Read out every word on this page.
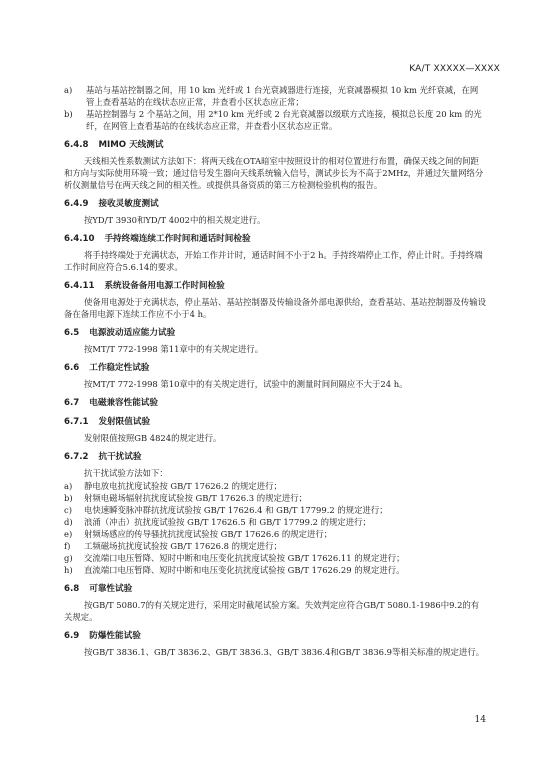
KA/T XXXXX—XXXX
a)	基站与基站控制器之间，用 10 km 光纤或 1 台光衰减器进行连接，光衰减器模拟 10 km 光纤衰减，在网管上查看基站的在线状态应正常，并查看小区状态应正常；
b)	基站控制器与 2 个基站之间，用 2*10 km 光纤或 2 台光衰减器以级联方式连接，模拟总长度 20 km 的光纤，在网管上查看基站的在线状态应正常，并查看小区状态应正常。
6.4.8 MIMO 天线测试

天线相关性系数测试方法如下：将两天线在OTA暗室中按照设计的相对位置进行布置，确保天线之间的间距和方向与实际使用环境一致；通过信号发生器向天线系统输入信号，测试步长为不高于2MHz，并通过矢量网络分析仪测量信号在两天线之间的相关性。或提供具备资质的第三方检测检验机构的报告。

6.4.9 接收灵敏度测试

按YD/T 3930和YD/T 4002中的相关规定进行。

6.4.10 手持终端连续工作时间和通话时间检验

将手持终端处于充满状态，开始工作并计时，通话时间不小于2 h。手持终端停止工作，停止计时。手持终端工作时间应符合5.6.14的要求。

6.4.11 系统设备备用电源工作时间检验

使备用电源处于充满状态，停止基站、基站控制器及传输设备外部电源供给，查看基站、基站控制器及传输设备在备用电源下连续工作应不小于4 h。

6.5 电源波动适应能力试验

按MT/T 772-1998 第11章中的有关规定进行。

6.6 工作稳定性试验

按MT/T 772-1998 第10章中的有关规定进行，试验中的测量时间间隔应不大于24 h。

6.7 电磁兼容性能试验
6.7.1 发射限值试验

发射限值按照GB 4824的规定进行。

6.7.2 抗干扰试验

抗干扰试验方法如下：

a)	静电放电抗扰度试验按 GB/T 17626.2 的规定进行；
b)	射频电磁场辐射抗扰度试验按 GB/T 17626.3 的规定进行；
c)	电快速瞬变脉冲群抗扰度试验按 GB/T 17626.4 和 GB/T 17799.2 的规定进行；
d)	浪涌（冲击）抗扰度试验按 GB/T 17626.5 和 GB/T 17799.2 的规定进行；
e)	射频场感应的传导骚扰抗扰度试验按 GB/T 17626.6 的规定进行；
f)	工频磁场抗扰度试验按 GB/T 17626.8 的规定进行；
g)	交流端口电压暂降、短时中断和电压变化抗扰度试验按 GB/T 17626.11 的规定进行；
h)	直流端口电压暂降、短时中断和电压变化抗扰度试验按 GB/T 17626.29 的规定进行。
6.8 可靠性试验

按GB/T 5080.7的有关规定进行，采用定时截尾试验方案。失效判定应符合GB/T 5080.1-1986中9.2的有关规定。

6.9 防爆性能试验

按GB/T 3836.1、GB/T 3836.2、GB/T 3836.3、GB/T 3836.4和GB/T 3836.9等相关标准的规定进行。

14
